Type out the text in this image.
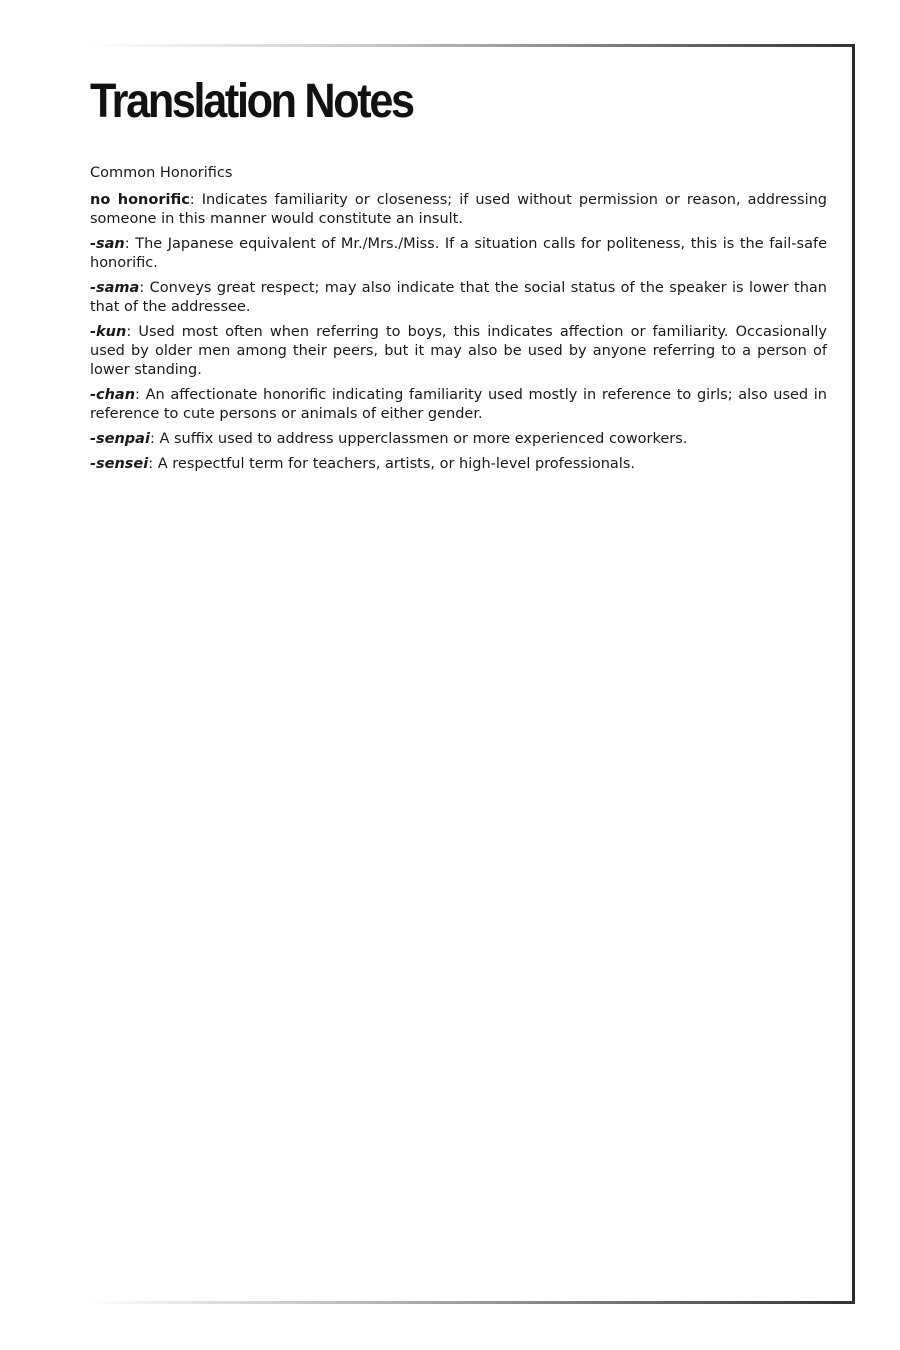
Translation Notes

Common Honorifics

no honorific: Indicates familiarity or closeness; if used without permission or reason, addressing someone in this manner would constitute an insult.

-san: The Japanese equivalent of Mr./Mrs./Miss. If a situation calls for politeness, this is the fail-safe honorific.

-sama: Conveys great respect; may also indicate that the social status of the speaker is lower than that of the addressee.

-kun: Used most often when referring to boys, this indicates affection or familiarity. Occasionally used by older men among their peers, but it may also be used by anyone referring to a person of lower standing.

-chan: An affectionate honorific indicating familiarity used mostly in reference to girls; also used in reference to cute persons or animals of either gender.

-senpai: A suffix used to address upperclassmen or more experienced coworkers.

-sensei: A respectful term for teachers, artists, or high-level professionals.
